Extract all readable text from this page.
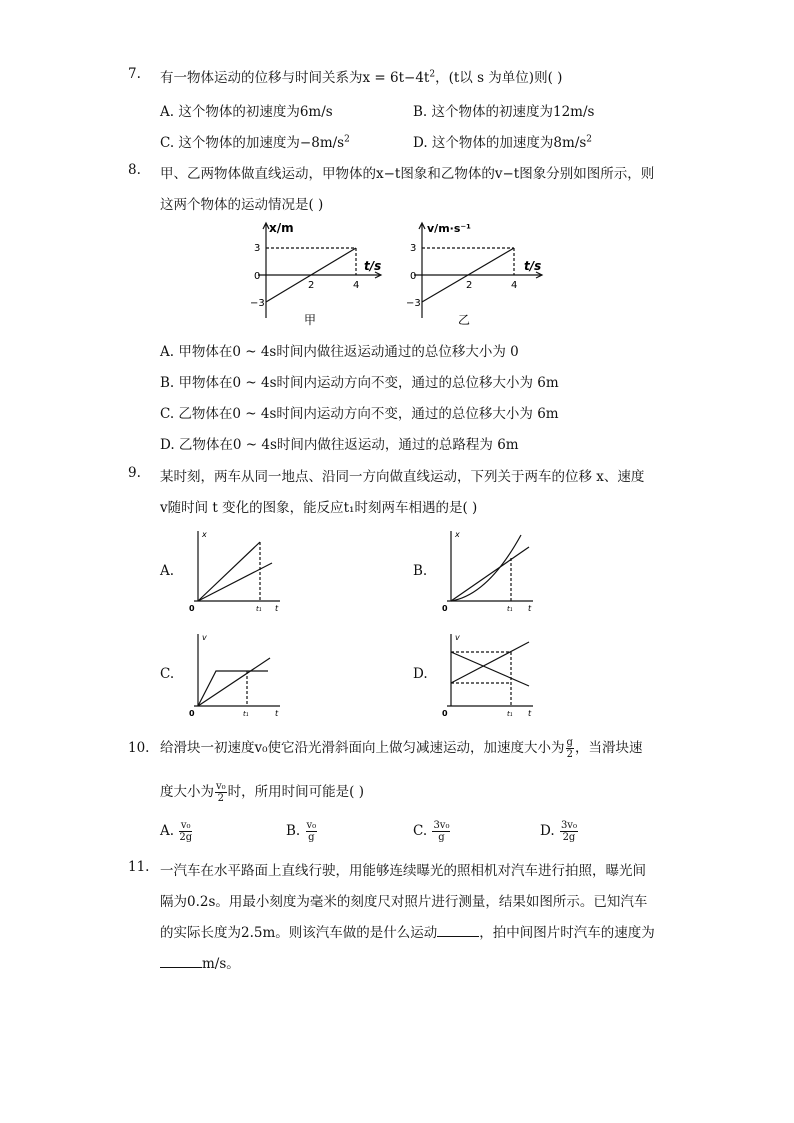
7. 有一物体运动的位移与时间关系为$x = 6t-4t^2$，(t以 s 为单位)则( )
A. 这个物体的初速度为6m/s	B. 这个物体的初速度为12m/s
C. 这个物体的加速度为$-8m/s^2$	D. 这个物体的加速度为$8m/s^2$
8. 甲、乙两物体做直线运动，甲物体的x−t图象和乙物体的v−t图象分别如图所示，则
这两个物体的运动情况是( )
x/m
t/s
3
0
−3
2	4
甲
v/m·s⁻¹
t/s
3
0
−3
2	4
乙
A. 甲物体在0 ~ 4s时间内做往返运动通过的总位移大小为 0
B. 甲物体在0 ~ 4s时间内运动方向不变，通过的总位移大小为 6m
C. 乙物体在0 ~ 4s时间内运动方向不变，通过的总位移大小为 6m
D. 乙物体在0 ~ 4s时间内做往返运动，通过的总路程为 6m
9. 某时刻，两车从同一地点、沿同一方向做直线运动，下列关于两车的位移 x、速度
v随时间 t 变化的图象，能反应t₁时刻两车相遇的是( )
A.
x
0	t₁ t
B.
x
0	t₁ t
C.
v
0	t₁	t
D.
v
0	t₁ t
10. 给滑块一初速度v₀使它沿光滑斜面向上做匀减速运动，加速度大小为 $\frac{g}{2}$ ，当滑块速
度大小为 $\frac{\text{v₀}}{2}$ 时，所用时间可能是( )
A. $\frac{\text{v₀}}{2g}$	B. $\frac{\text{v₀}}{g}$	C. $\frac{\text{3v₀}}{g}$	D. $\frac{\text{3v₀}}{2g}$
11. 一汽车在水平路面上直线行驶，用能够连续曝光的照相机对汽车进行拍照，曝光间
隔为0.2s。用最小刻度为毫米的刻度尺对照片进行测量，结果如图所示。已知汽车
的实际长度为2.5m。则该汽车做的是什么运动	，拍中间图片时汽车的速度为
m/s。
